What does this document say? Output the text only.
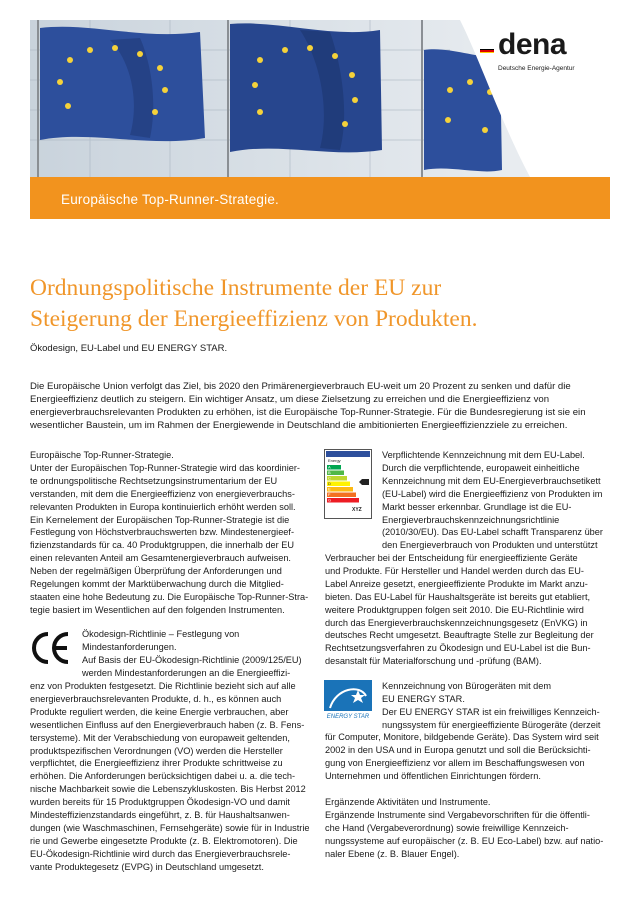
dena
Deutsche Energie-Agentur
Europäische Top-Runner-Strategie.
Ordnungspolitische Instrumente der EU zur
Steigerung der Energieeffizienz von Produkten.
Ökodesign, EU-Label und EU ENERGY STAR.
Die Europäische Union verfolgt das Ziel, bis 2020 den Primärenergieverbrauch EU-weit um 20 Prozent zu senken und dafür die
Energieeffizienz deutlich zu steigern. Ein wichtiger Ansatz, um diese Zielsetzung zu erreichen und die Energieeffizienz von
energieverbrauchsrelevanten Produkten zu erhöhen, ist die Europäische Top-Runner-Strategie. Für die Bundesregierung ist sie ein
wesentlicher Baustein, um im Rahmen der Energiewende in Deutschland die ambitionierten Energieeffizienzziele zu erreichen.
Europäische Top-Runner-Strategie.
Unter der Europäischen Top-Runner-Strategie wird das koordinier-
te ordnungspolitische Rechtsetzungsinstrumentarium der EU
verstanden, mit dem die Energieeffizienz von energieverbrauchs-
relevanten Produkten in Europa kontinuierlich erhöht werden soll.
Ein Kernelement der Europäischen Top-Runner-Strategie ist die
Festlegung von Höchstverbrauchswerten bzw. Mindestenergieef-
fizienzstandards für ca. 40 Produktgruppen, die innerhalb der EU
einen relevanten Anteil am Gesamtenergieverbrauch aufweisen.
Neben der regelmäßigen Überprüfung der Anforderungen und
Regelungen kommt der Marktüberwachung durch die Mitglied-
staaten eine hohe Bedeutung zu. Die Europäische Top-Runner-Stra-
tegie basiert im Wesentlichen auf den folgenden Instrumenten.
Ökodesign-Richtlinie – Festlegung von
Mindestanforderungen.
Auf Basis der EU-Ökodesign-Richtlinie (2009/125/EU)
werden Mindestanforderungen an die Energieeffizi-
enz von Produkten festgesetzt. Die Richtlinie bezieht sich auf alle
energieverbrauchsrelevanten Produkte, d. h., es können auch
Produkte reguliert werden, die keine Energie verbrauchen, aber
wesentlichen Einfluss auf den Energieverbrauch haben (z. B. Fens-
tersysteme). Mit der Verabschiedung von europaweit geltenden,
produktspezifischen Verordnungen (VO) werden die Hersteller
verpflichtet, die Energieeffizienz ihrer Produkte schrittweise zu
erhöhen. Die Anforderungen berücksichtigen dabei u. a. die tech-
nische Machbarkeit sowie die Lebenszykluskosten. Bis Herbst 2012
wurden bereits für 15 Produktgruppen Ökodesign-VO und damit
Mindesteffizienzstandards eingeführt, z. B. für Haushaltsanwen-
dungen (wie Waschmaschinen, Fernsehgeräte) sowie für in Industrie
rie und Gewerbe eingesetzte Produkte (z. B. Elektromotoren). Die
EU-Ökodesign-Richtlinie wird durch das Energieverbrauchsrele-
vante Produktegesetz (EVPG) in Deutschland umgesetzt.
Energy
A
B
C
D
E
F
G
XYZ
Verpflichtende Kennzeichnung mit dem EU-Label.
Durch die verpflichtende, europaweit einheitliche
Kennzeichnung mit dem EU-Energieverbrauchsetikett
(EU-Label) wird die Energieeffizienz von Produkten im
Markt besser erkennbar. Grundlage ist die EU-
Energieverbrauchskennzeichnungsrichtlinie
(2010/30/EU). Das EU-Label schafft Transparenz über
den Energieverbrauch von Produkten und unterstützt
Verbraucher bei der Entscheidung für energieeffiziente Geräte
und Produkte. Für Hersteller und Handel werden durch das EU-
Label Anreize gesetzt, energieeffiziente Produkte im Markt anzu-
bieten. Das EU-Label für Haushaltsgeräte ist bereits gut etabliert,
weitere Produktgruppen folgen seit 2010. Die EU-Richtlinie wird
durch das Energieverbrauchskennzeichnungsgesetz (EnVKG) in
deutsches Recht umgesetzt. Beauftragte Stelle zur Begleitung der
Rechtsetzungsverfahren zu Ökodesign und EU-Label ist die Bun-
desanstalt für Materialforschung und -prüfung (BAM).
ENERGY STAR
Kennzeichnung von Bürogeräten mit dem
EU ENERGY STAR.
Der EU ENERGY STAR ist ein freiwilliges Kennzeich-
nungssystem für energieeffiziente Bürogeräte (derzeit
für Computer, Monitore, bildgebende Geräte). Das System wird seit
2002 in den USA und in Europa genutzt und soll die Berücksichti-
gung von Energieeffizienz vor allem im Beschaffungswesen von
Unternehmen und öffentlichen Einrichtungen fördern.
Ergänzende Aktivitäten und Instrumente.
Ergänzende Instrumente sind Vergabevorschriften für die öffentli-
che Hand (Vergabeverordnung) sowie freiwillige Kennzeich-
nungssysteme auf europäischer (z. B. EU Eco-Label) bzw. auf natio-
naler Ebene (z. B. Blauer Engel).
